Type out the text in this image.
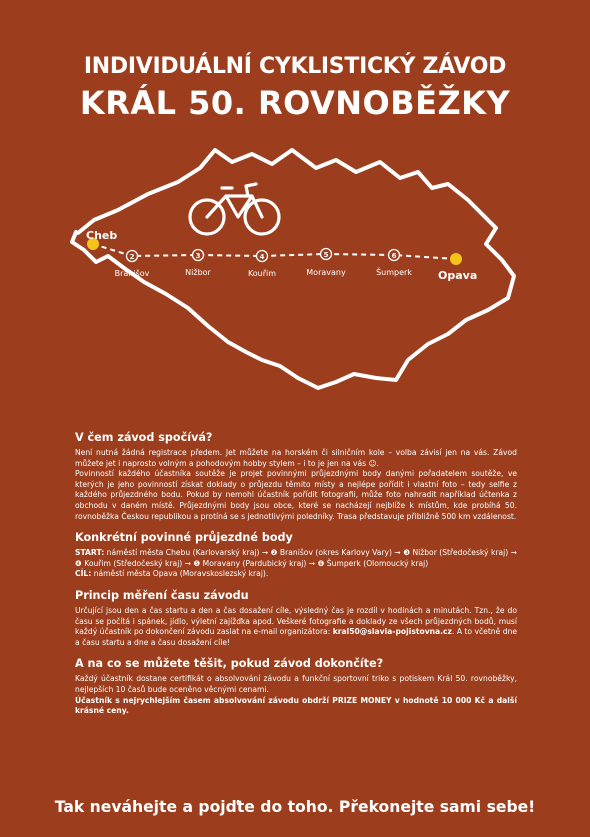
INDIVIDUÁLNÍ CYKLISTICKÝ ZÁVOD
KRÁL 50. ROVNOBĚŽKY
Cheb
Opava
2
Branišov
3
Nižbor
4
Kouřim
5
Moravany
6
Šumperk
V čem závod spočívá?

Není nutná žádná registrace předem. Jet můžete na horském či silničním kole – volba závisí jen na vás. Závod můžete jet i naprosto volným a pohodovým hobby stylem – i to je jen na vás ☺.

Povinností každého účastníka soutěže je projet povinnými průjezdnými body danými pořadatelem soutěže, ve kterých je jeho povinností získat doklady o průjezdu těmito místy a nejlépe pořídit i vlastní foto – tedy selfie z každého průjezdného bodu. Pokud by nemohl účastník pořídit fotografii, může foto nahradit například účtenka z obchodu v daném místě. Průjezdnými body jsou obce, které se nacházejí nejblíže k místům, kde probíhá 50. rovnoběžka Českou republikou a protíná se s jednotlivými poledníky. Trasa představuje přibližně 500 km vzdálenost.

Konkrétní povinné průjezdné body

START: náměstí města Chebu (Karlovarský kraj) ➞ ❷ Branišov (okres Karlovy Vary) ➞ ❸ Nižbor (Středočeský kraj) ➞ ❹ Kouřim (Středočeský kraj) ➞ ❺ Moravany (Pardubický kraj) ➞ ❻ Šumperk (Olomoucký kraj)

CÍL: náměstí města Opava (Moravskoslezský kraj).

Princip měření času závodu

Určující jsou den a čas startu a den a čas dosažení cíle, výsledný čas je rozdíl v hodinách a minutách. Tzn., že do času se počítá i spánek, jídlo, výletní zajížďka apod. Veškeré fotografie a doklady ze všech průjezdných bodů, musí každý účastník po dokončení závodu zaslat na e-mail organizátora: kral50@slavia-pojistovna.cz. A to včetně dne a času startu a dne a času dosažení cíle!

A na co se můžete těšit, pokud závod dokončíte?

Každý účastník dostane certifikát o absolvování závodu a funkční sportovní triko s potiskem Král 50. rovnoběžky, nejlepších 10 časů bude oceněno věcnými cenami.

Účastník s nejrychlejším časem absolvování závodu obdrží PRIZE MONEY v hodnotě 10 000 Kč a další krásné ceny.

Tak neváhejte a pojďte do toho. Překonejte sami sebe!
